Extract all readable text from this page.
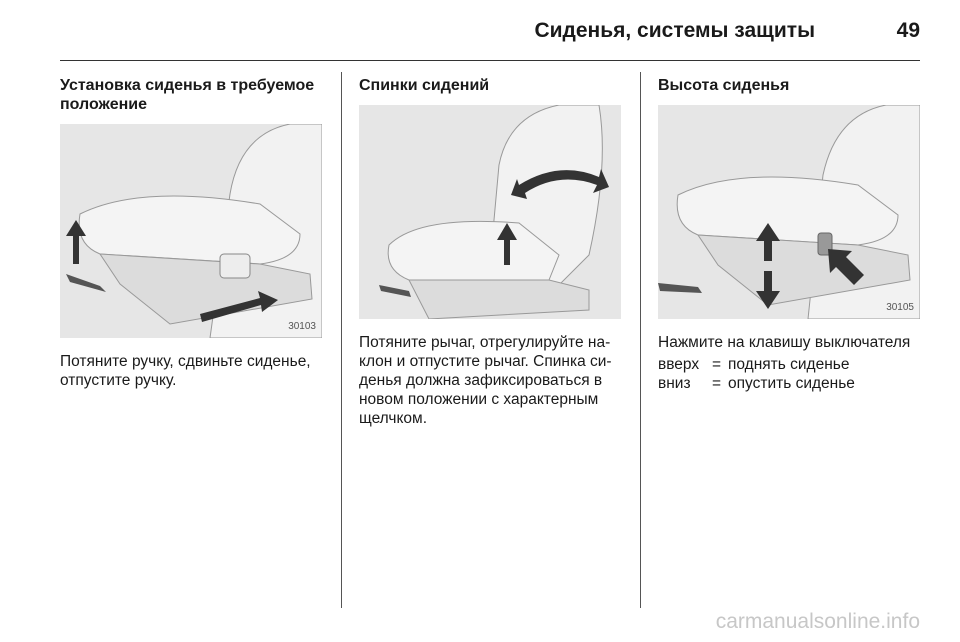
Сиденья, системы защиты	49
Установка сиденья в требуемое положение
30103

Потяните ручку, сдвиньте сиденье, отпустите ручку.

Спинки сидений

Потяните рычаг, отрегулируйте на-клон и отпустите рычаг. Спинка си-денья должна зафиксироваться в новом положении с характерным щелчком.

Высота сиденья
30105

Нажмите на клавишу выключателя

вверх = поднять сиденье
вниз	= опустить сиденье
carmanualsonline.info
